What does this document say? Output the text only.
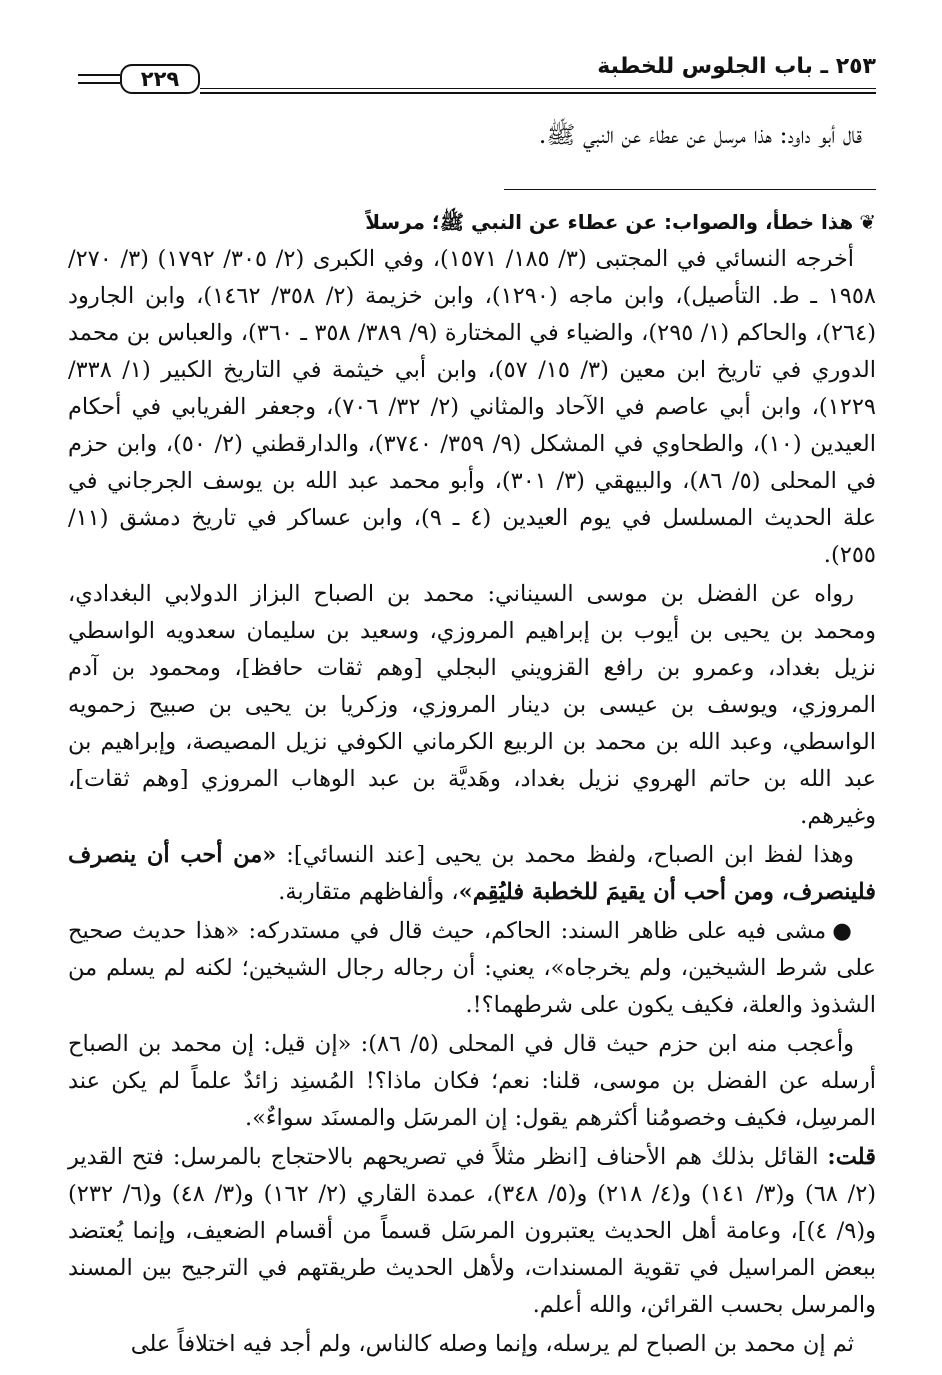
٢٥٣ ـ باب الجلوس للخطبة
٢٢٩
قال أبو داود: هذا مرسل عن عطاء عن النبي ﷺ.

❦هذا خطأ، والصواب: عن عطاء عن النبي ﷺ؛ مرسلاً

أخرجه النسائي في المجتبى (٣/ ١٨٥/ ١٥٧١)، وفي الكبرى (٢/ ٣٠٥/ ١٧٩٢) (٣/ ٢٧٠/ ١٩٥٨ ـ ط. التأصيل)، وابن ماجه (١٢٩٠)، وابن خزيمة (٢/ ٣٥٨/ ١٤٦٢)، وابن الجارود (٢٦٤)، والحاكم (١/ ٢٩٥)، والضياء في المختارة (٩/ ٣٨٩/ ٣٥٨ ـ ٣٦٠)، والعباس بن محمد الدوري في تاريخ ابن معين (٣/ ١٥/ ٥٧)، وابن أبي خيثمة في التاريخ الكبير (١/ ٣٣٨/ ١٢٢٩)، وابن أبي عاصم في الآحاد والمثاني (٢/ ٣٢/ ٧٠٦)، وجعفر الفريابي في أحكام العيدين (١٠)، والطحاوي في المشكل (٩/ ٣٥٩/ ٣٧٤٠)، والدارقطني (٢/ ٥٠)، وابن حزم في المحلى (٥/ ٨٦)، والبيهقي (٣/ ٣٠١)، وأبو محمد عبد الله بن يوسف الجرجاني في علة الحديث المسلسل في يوم العيدين (٤ ـ ٩)، وابن عساكر في تاريخ دمشق (١١/ ٢٥٥).

رواه عن الفضل بن موسى السيناني: محمد بن الصباح البزاز الدولابي البغدادي، ومحمد بن يحيى بن أيوب بن إبراهيم المروزي، وسعيد بن سليمان سعدويه الواسطي نزيل بغداد، وعمرو بن رافع القزويني البجلي [وهم ثقات حافظ]، ومحمود بن آدم المروزي، ويوسف بن عيسى بن دينار المروزي، وزكريا بن يحيى بن صبيح زحمويه الواسطي، وعبد الله بن محمد بن الربيع الكرماني الكوفي نزيل المصيصة، وإبراهيم بن عبد الله بن حاتم الهروي نزيل بغداد، وهَديَّة بن عبد الوهاب المروزي [وهم ثقات]، وغيرهم.

وهذا لفظ ابن الصباح، ولفظ محمد بن يحيى [عند النسائي]: «من أحب أن ينصرف فلينصرف، ومن أحب أن يقيمَ للخطبة فليُقِم»، وألفاظهم متقاربة.

●مشى فيه على ظاهر السند: الحاكم، حيث قال في مستدركه: «هذا حديث صحيح على شرط الشيخين، ولم يخرجاه»، يعني: أن رجاله رجال الشيخين؛ لكنه لم يسلم من الشذوذ والعلة، فكيف يكون على شرطهما؟!.

وأعجب منه ابن حزم حيث قال في المحلى (٥/ ٨٦): «إن قيل: إن محمد بن الصباح أرسله عن الفضل بن موسى، قلنا: نعم؛ فكان ماذا؟! المُسنِد زائدٌ علماً لم يكن عند المرسِل، فكيف وخصومُنا أكثرهم يقول: إن المرسَل والمسنَد سواءٌ».

قلت: القائل بذلك هم الأحناف [انظر مثلاً في تصريحهم بالاحتجاج بالمرسل: فتح القدير (٢/ ٦٨) و(٣/ ١٤١) و(٤/ ٢١٨) و(٥/ ٣٤٨)، عمدة القاري (٢/ ١٦٢) و(٣/ ٤٨) و(٦/ ٢٣٢) و(٩/ ٤)]، وعامة أهل الحديث يعتبرون المرسَل قسماً من أقسام الضعيف، وإنما يُعتضد ببعض المراسيل في تقوية المسندات، ولأهل الحديث طريقتهم في الترجيح بين المسند والمرسل بحسب القرائن، والله أعلم.

ثم إن محمد بن الصباح لم يرسله، وإنما وصله كالناس، ولم أجد فيه اختلافاً على
